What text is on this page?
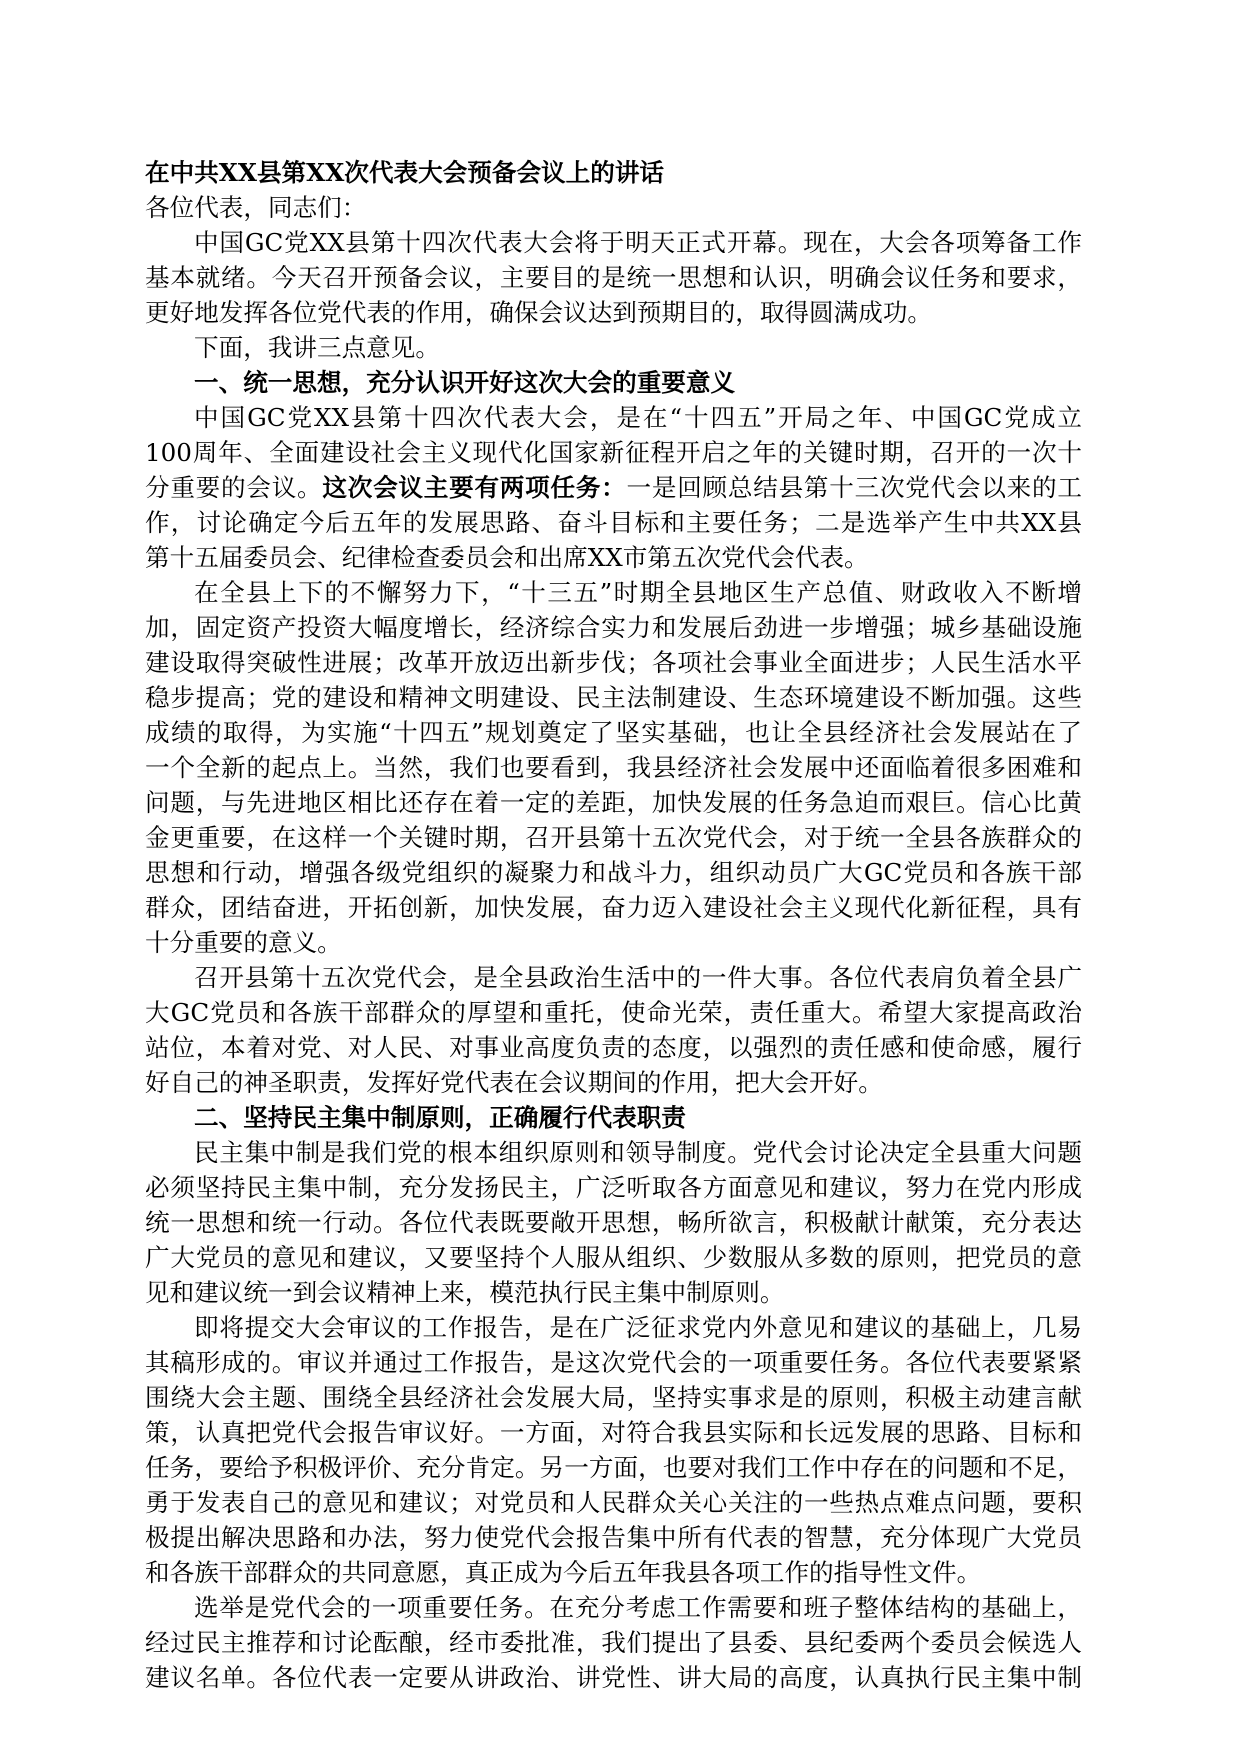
在中共XX县第XX次代表大会预备会议上的讲话
各位代表，同志们：
中国GC党XX县第十四次代表大会将于明天正式开幕。现在，大会各项筹备工作
基本就绪。今天召开预备会议，主要目的是统一思想和认识，明确会议任务和要求，
更好地发挥各位党代表的作用，确保会议达到预期目的，取得圆满成功。
下面，我讲三点意见。
一、统一思想，充分认识开好这次大会的重要意义
中国GC党XX县第十四次代表大会，是在“十四五”开局之年、中国GC党成立
100周年、全面建设社会主义现代化国家新征程开启之年的关键时期，召开的一次十
分重要的会议。这次会议主要有两项任务：一是回顾总结县第十三次党代会以来的工
作，讨论确定今后五年的发展思路、奋斗目标和主要任务；二是选举产生中共XX县
第十五届委员会、纪律检查委员会和出席XX市第五次党代会代表。
在全县上下的不懈努力下，“十三五”时期全县地区生产总值、财政收入不断增
加，固定资产投资大幅度增长，经济综合实力和发展后劲进一步增强；城乡基础设施
建设取得突破性进展；改革开放迈出新步伐；各项社会事业全面进步；人民生活水平
稳步提高；党的建设和精神文明建设、民主法制建设、生态环境建设不断加强。这些
成绩的取得，为实施“十四五”规划奠定了坚实基础，也让全县经济社会发展站在了
一个全新的起点上。当然，我们也要看到，我县经济社会发展中还面临着很多困难和
问题，与先进地区相比还存在着一定的差距，加快发展的任务急迫而艰巨。信心比黄
金更重要，在这样一个关键时期，召开县第十五次党代会，对于统一全县各族群众的
思想和行动，增强各级党组织的凝聚力和战斗力，组织动员广大GC党员和各族干部
群众，团结奋进，开拓创新，加快发展，奋力迈入建设社会主义现代化新征程，具有
十分重要的意义。
召开县第十五次党代会，是全县政治生活中的一件大事。各位代表肩负着全县广
大GC党员和各族干部群众的厚望和重托，使命光荣，责任重大。希望大家提高政治
站位，本着对党、对人民、对事业高度负责的态度，以强烈的责任感和使命感，履行
好自己的神圣职责，发挥好党代表在会议期间的作用，把大会开好。
二、坚持民主集中制原则，正确履行代表职责
民主集中制是我们党的根本组织原则和领导制度。党代会讨论决定全县重大问题
必须坚持民主集中制，充分发扬民主，广泛听取各方面意见和建议，努力在党内形成
统一思想和统一行动。各位代表既要敞开思想，畅所欲言，积极献计献策，充分表达
广大党员的意见和建议，又要坚持个人服从组织、少数服从多数的原则，把党员的意
见和建议统一到会议精神上来，模范执行民主集中制原则。
即将提交大会审议的工作报告，是在广泛征求党内外意见和建议的基础上，几易
其稿形成的。审议并通过工作报告，是这次党代会的一项重要任务。各位代表要紧紧
围绕大会主题、围绕全县经济社会发展大局，坚持实事求是的原则，积极主动建言献
策，认真把党代会报告审议好。一方面，对符合我县实际和长远发展的思路、目标和
任务，要给予积极评价、充分肯定。另一方面，也要对我们工作中存在的问题和不足，
勇于发表自己的意见和建议；对党员和人民群众关心关注的一些热点难点问题，要积
极提出解决思路和办法，努力使党代会报告集中所有代表的智慧，充分体现广大党员
和各族干部群众的共同意愿，真正成为今后五年我县各项工作的指导性文件。
选举是党代会的一项重要任务。在充分考虑工作需要和班子整体结构的基础上，
经过民主推荐和讨论酝酿，经市委批准，我们提出了县委、县纪委两个委员会候选人
建议名单。各位代表一定要从讲政治、讲党性、讲大局的高度，认真执行民主集中制
